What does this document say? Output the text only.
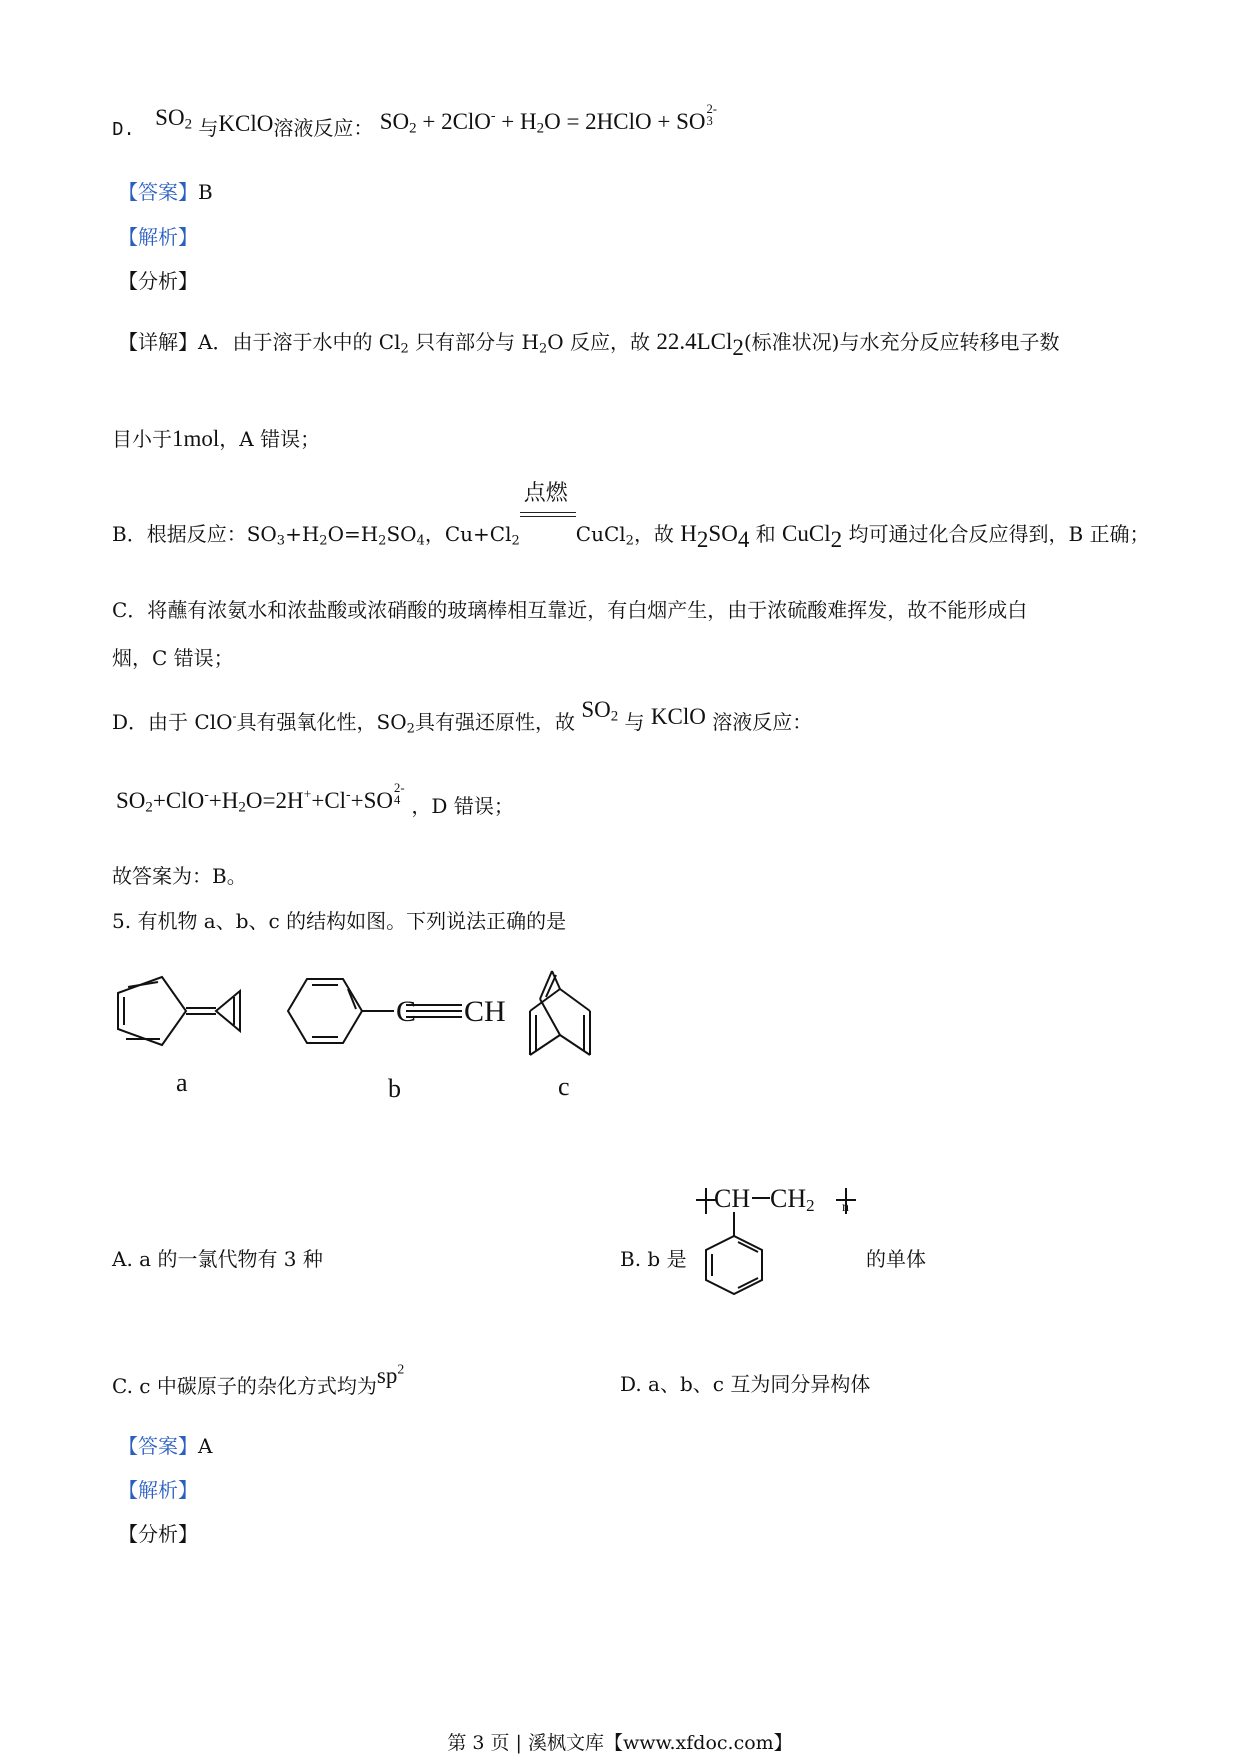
D. $SO_2$ 与KClO溶液反应： $SO_2 + 2ClO^- + H_2O$ = 2HClO + SO
2-
3
【答案】B
【解析】
【分析】
【详解】A．由于溶于水中的 $Cl_2$ 只有部分与 $H_2O$ 反应，故 22.4LCl$_2$(标准状况)与水充分反应转移电子数
目小于1mol，A 错误；
B．根据反应：$SO_3+H_2O=H_2SO_4$，$Cu+Cl_2$
点燃
CuCl$_2$，故 $H_2SO_4$ 和 CuCl$_2$ 均可通过化合反应得到，B 正确；
C．将蘸有浓氨水和浓盐酸或浓硝酸的玻璃棒相互靠近，有白烟产生，由于浓硫酸难挥发，故不能形成白
烟，C 错误；
D．由于 ClO-具有强氧化性，$SO_2$具有强还原性，故 $SO_2$ 与 KClO 溶液反应：
$SO_2+ClO^-+H_2O=2H^++Cl^-+SO$
2-
4 ，D 错误；
故答案为：B。
5. 有机物 a、b、c 的结构如图。下列说法正确的是
C CH
a	b	c
A. a 的一氯代物有 3 种	B. b 是	的单体
CH $CH_2$ n
C. c 中碳原子的杂化方式均为$sp^2$
D. a、b、c 互为同分异构体
【答案】A
【解析】
【分析】
第 3 页 | 溪枫文库【www.xfdoc.com】
